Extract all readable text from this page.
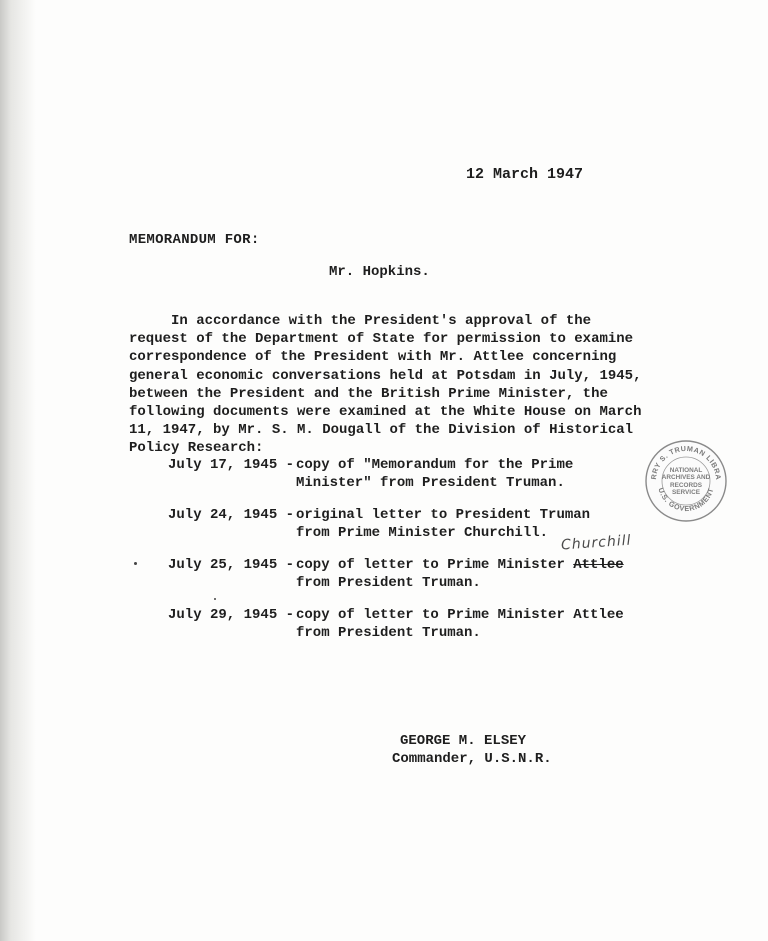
12 March 1947
MEMORANDUM FOR:
Mr. Hopkins.
In accordance with the President's approval of the
request of the Department of State for permission to examine
correspondence of the President with Mr. Attlee concerning
general economic conversations held at Potsdam in July, 1945,
between the President and the British Prime Minister, the
following documents were examined at the White House on March
11, 1947, by Mr. S. M. Dougall of the Division of Historical
Policy Research:
July 17, 1945 - copy of "Memorandum for the Prime
Minister" from President Truman.
July 24, 1945 - original letter to President Truman
from Prime Minister Churchill.
July 25, 1945 - copy of letter to Prime Minister Attlee
from President Truman.
July 29, 1945 - copy of letter to Prime Minister Attlee
from President Truman.
Churchill
GEORGE M. ELSEY
Commander, U.S.N.R.
RRY S. TRUMAN LIBRA
U.S. GOVERNMENT
NATIONAL
ARCHIVES AND
RECORDS
SERVICE
